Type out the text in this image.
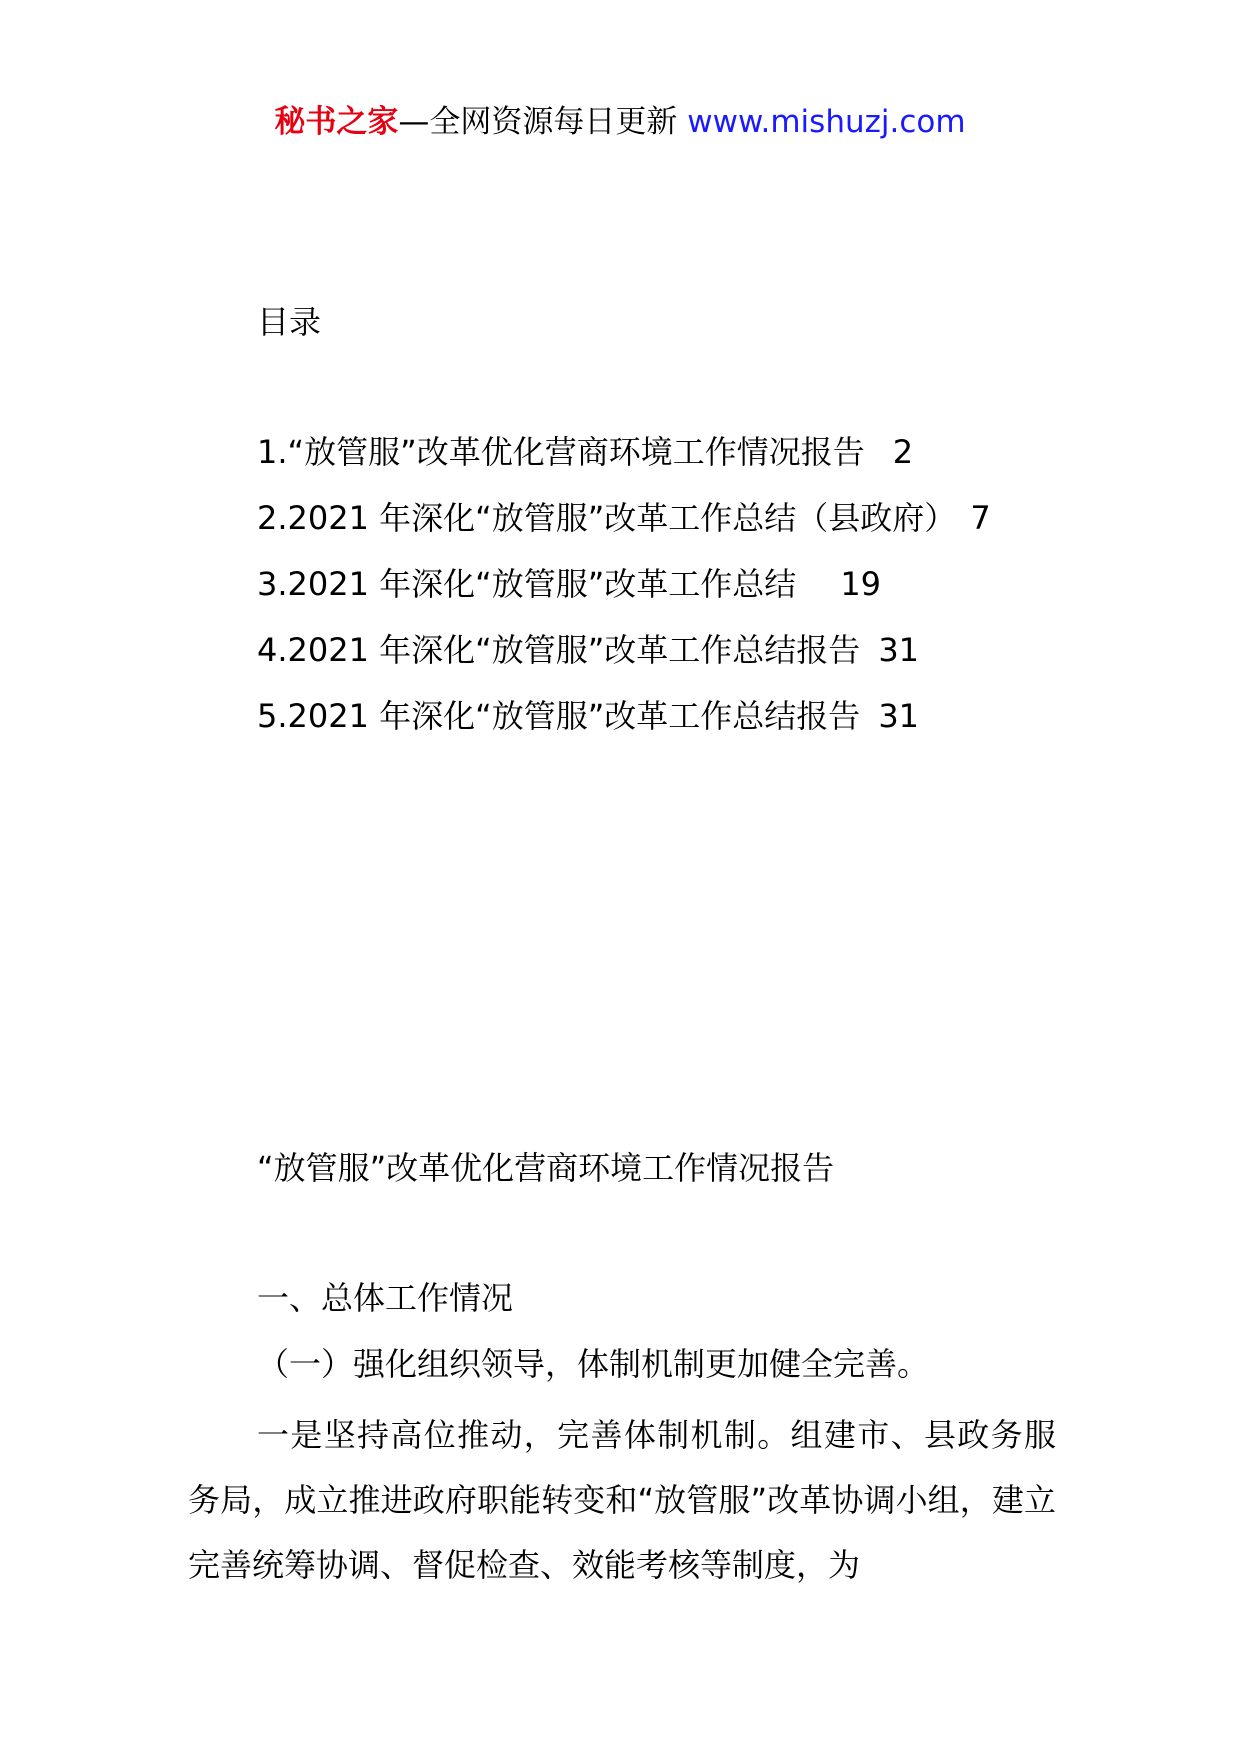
秘书之家—全网资源每日更新 www.mishuzj.com
目录
1.“放管服”改革优化营商环境工作情况报告 2
2.2021 年深化“放管服”改革工作总结（县政府） 7
3.2021 年深化“放管服”改革工作总结 19
4.2021 年深化“放管服”改革工作总结报告 31
5.2021 年深化“放管服”改革工作总结报告 31
“放管服”改革优化营商环境工作情况报告
一、总体工作情况
（一）强化组织领导，体制机制更加健全完善。

一是坚持高位推动，完善体制机制。组建市、县政务服务局，成立推进政府职能转变和“放管服”改革协调小组，建立完善统筹协调、督促检查、效能考核等制度，为
